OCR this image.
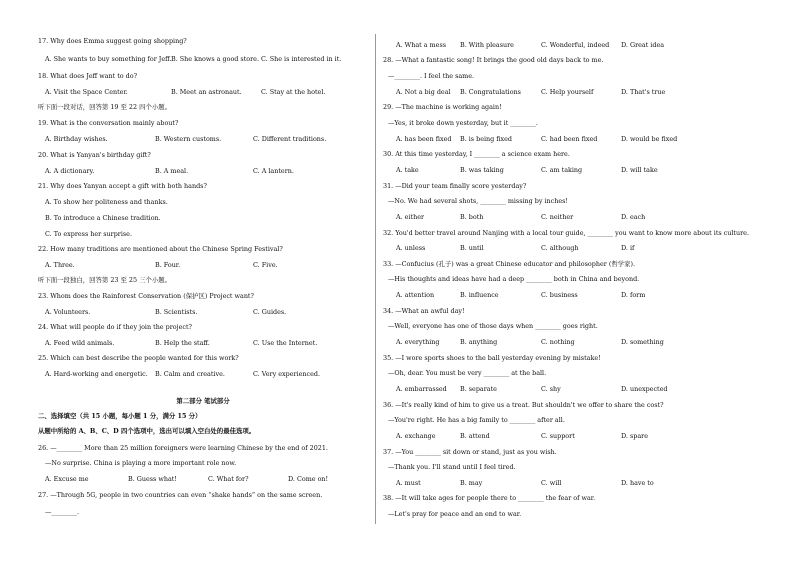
17. Why does Emma suggest going shopping?
A. She wants to buy something for Jeff. B. She knows a good store. C. She is interested in it.
18. What does Jeff want to do?
A. Visit the Space Center.	B. Meet an astronaut.	C. Stay at the hotel.
听下面一段对话，回答第 19 至 22 四个小题。
19. What is the conversation mainly about?
A. Birthday wishes.	B. Western customs.	C. Different traditions.
20. What is Yanyan's birthday gift?
A. A dictionary.	B. A meal.	C. A lantern.
21. Why does Yanyan accept a gift with both hands?
A. To show her politeness and thanks.
B. To introduce a Chinese tradition.
C. To express her surprise.
22. How many traditions are mentioned about the Chinese Spring Festival?
A. Three.	B. Four.	C. Five.
听下面一段独白，回答第 23 至 25 三个小题。
23. Whom does the Rainforest Conservation (保护区) Project want?
A. Volunteers.	B. Scientists.	C. Guides.
24. What will people do if they join the project?
A. Feed wild animals.	B. Help the staff.	C. Use the Internet.
25. Which can best describe the people wanted for this work?
A. Hard-working and energetic. B. Calm and creative.	C. Very experienced.
第二部分 笔试部分
二、选择填空（共 15 小题，每小题 1 分，满分 15 分）
从题中所给的 A、B、C、D 四个选项中，选出可以填入空白处的最佳选项。
26. —________ More than 25 million foreigners were learning Chinese by the end of 2021.
—No surprise. China is playing a more important role now.
A. Excuse me	B. Guess what!	C. What for?	D. Come on!
27. —Through 5G, people in two countries can even “shake hands” on the same screen.
—________.
A. What a mess B. With pleasure	C. Wonderful, indeed D. Great idea
28. —What a fantastic song! It brings the good old days back to me.
—________. I feel the same.
A. Not a big deal B. Congratulations	C. Help yourself	D. That's true
29. —The machine is working again!
—Yes, it broke down yesterday, but it ________.
A. has been fixed B. is being fixed	C. had been fixed	D. would be fixed
30. At this time yesterday, I ________ a science exam here.
A. take	B. was taking	C. am taking	D. will take
31. —Did your team finally score yesterday?
—No. We had several shots, ________ missing by inches!
A. either	B. both	C. neither	D. each
32. You'd better travel around Nanjing with a local tour guide, ________ you want to know more about its culture.
A. unless	B. until	C. although	D. if
33. —Confucius (孔子) was a great Chinese educator and philosopher (哲学家).
—His thoughts and ideas have had a deep ________ both in China and beyond.
A. attention	B. influence	C. business	D. form
34. —What an awful day!
—Well, everyone has one of those days when ________ goes right.
A. everything	B. anything	C. nothing	D. something
35. —I wore sports shoes to the ball yesterday evening by mistake!
—Oh, dear. You must be very ________ at the ball.
A. embarrassed B. separate	C. shy	D. unexpected
36. —It's really kind of him to give us a treat. But shouldn't we offer to share the cost?
—You're right. He has a big family to ________ after all.
A. exchange	B. attend	C. support	D. spare
37. —You ________ sit down or stand, just as you wish.
—Thank you. I'll stand until I feel tired.
A. must	B. may	C. will	D. have to
38. —It will take ages for people there to ________ the fear of war.
—Let's pray for peace and an end to war.
